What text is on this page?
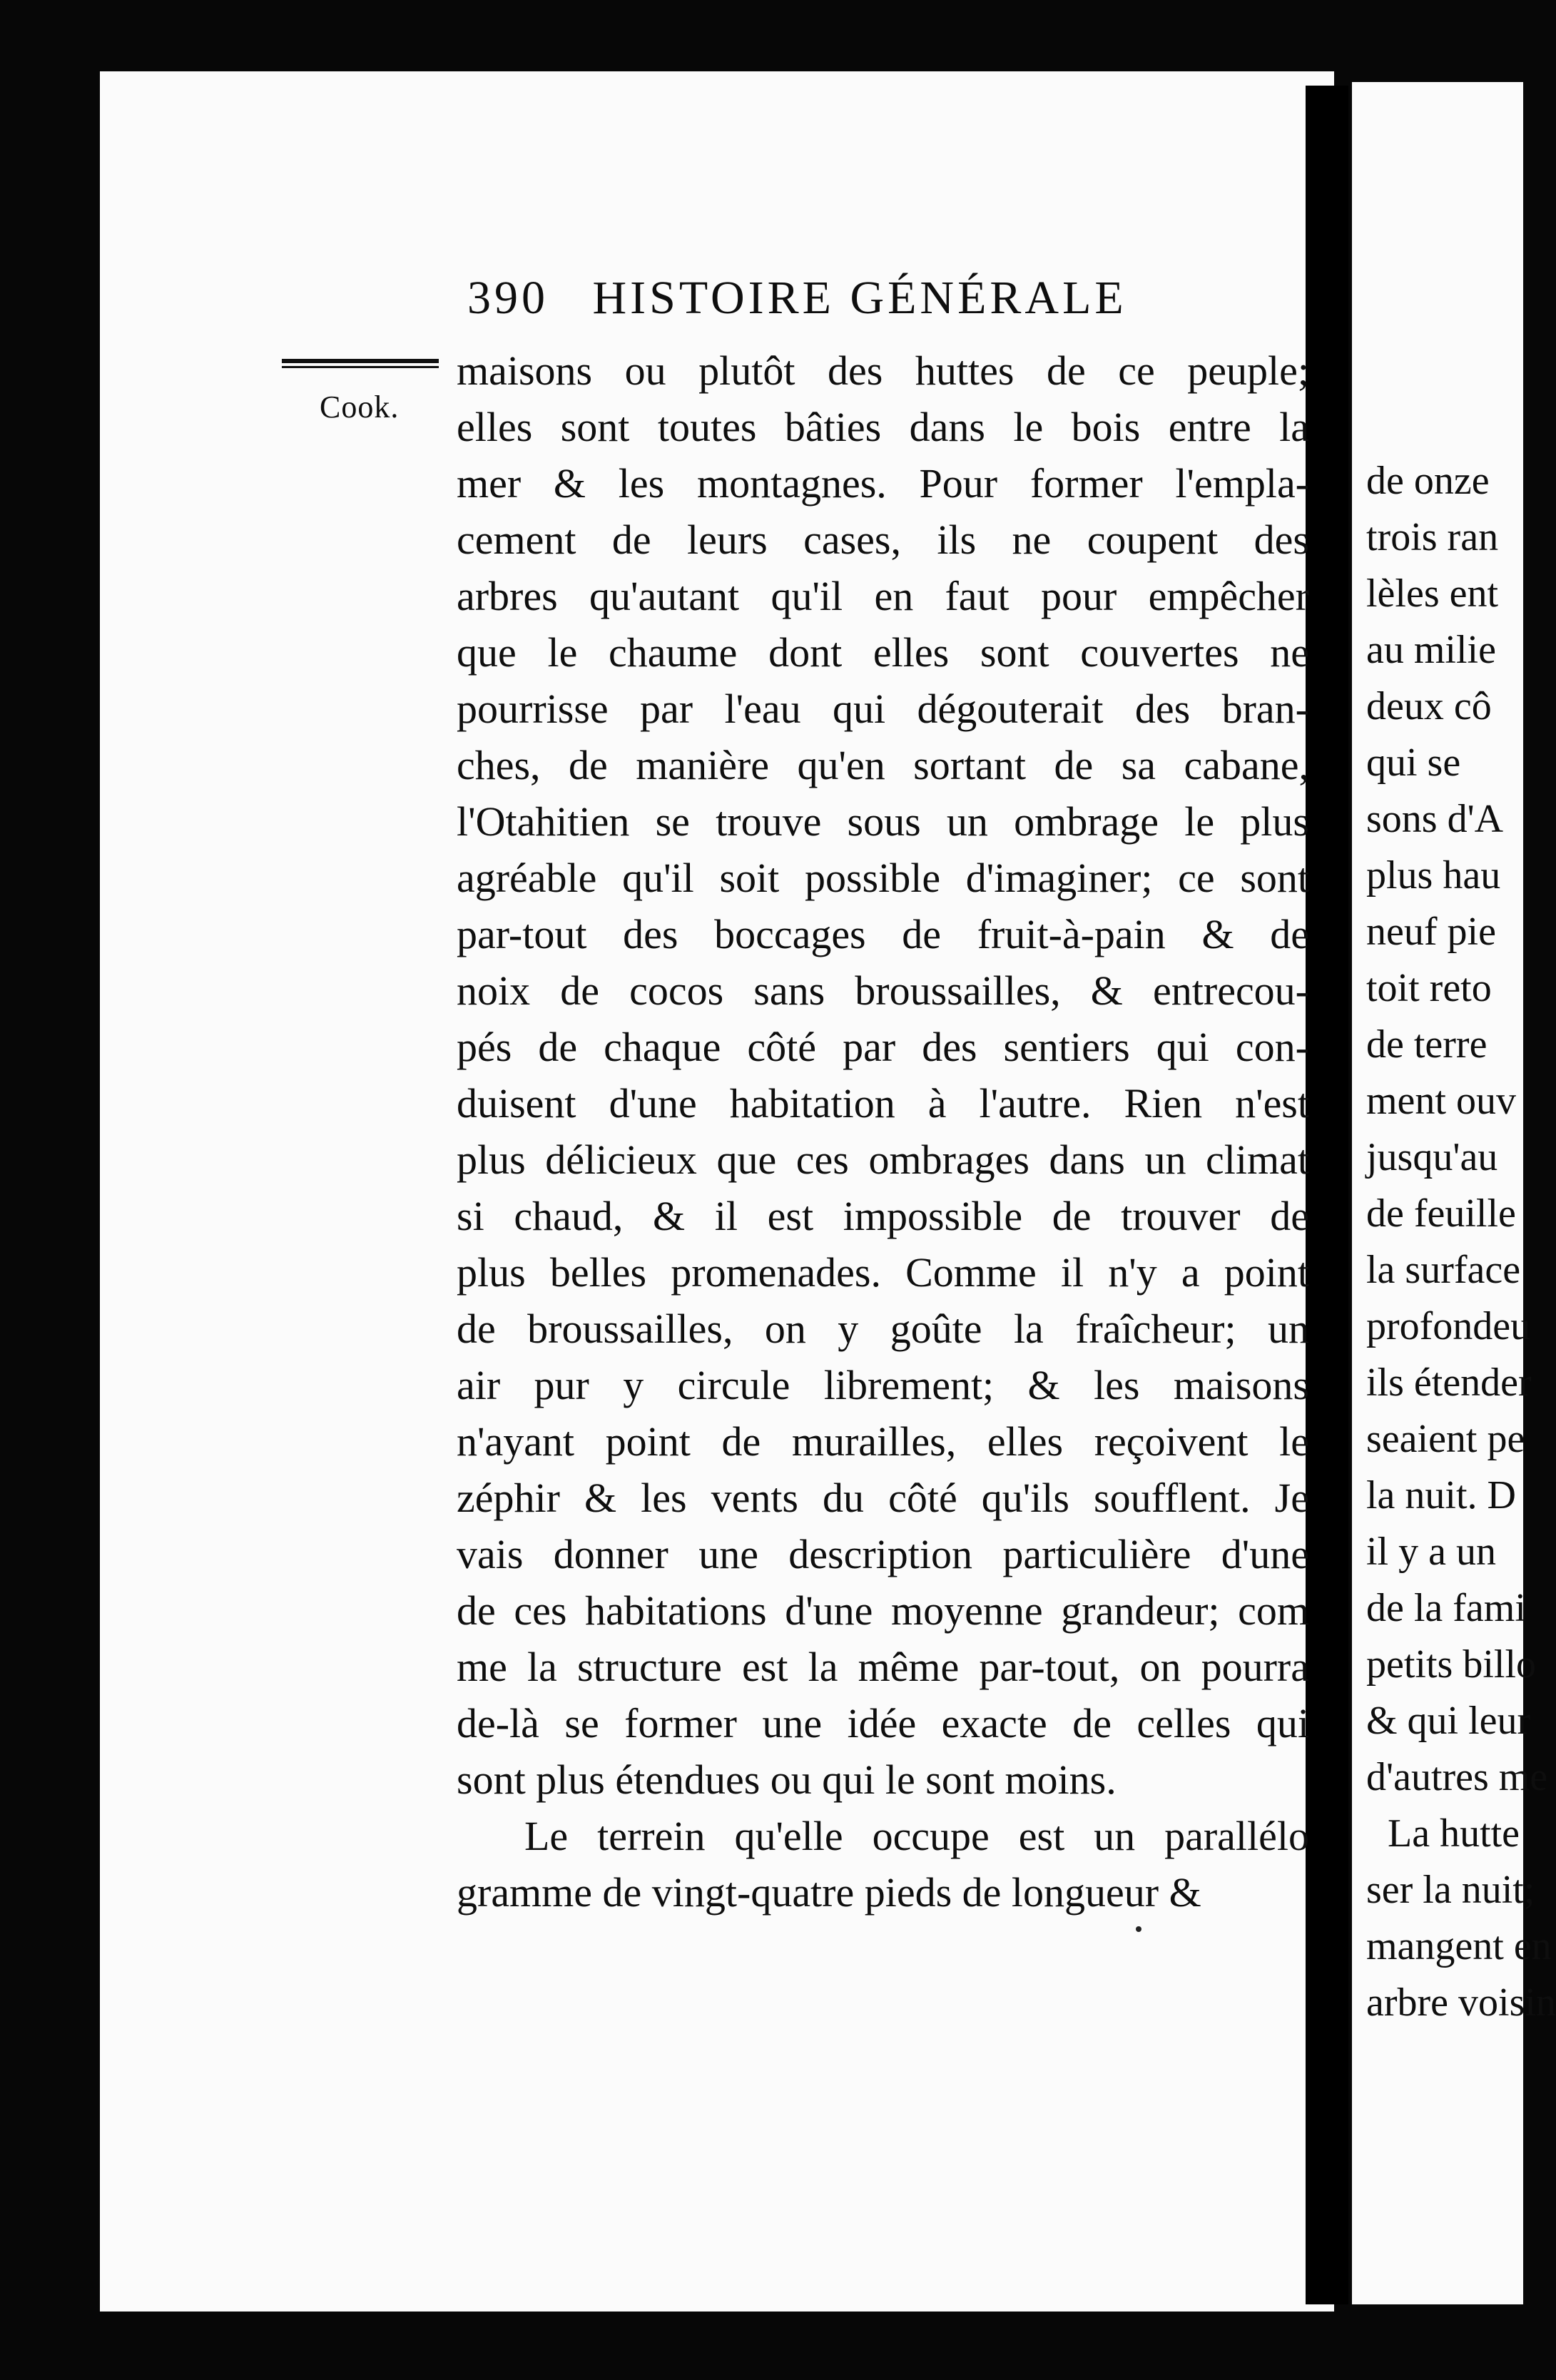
de onze
trois ran
lèles ent
au milie
deux cô
qui se
sons d'A
plus hau
neuf pie
toit reto
de terre
ment ouv
jusqu'au
de feuille
la surface
profondeu
ils étender
seaient pe
la nuit. D
il y a un
de la fami
petits billo
& qui leur
d'autres me
La hutte
ser la nuit;
mangent en
arbre voisin
390 HISTOIRE GÉNÉRALE
Cook.
maisons ou plutôt des huttes de ce peuple;
elles sont toutes bâties dans le bois entre la
mer & les montagnes. Pour former l'empla-
cement de leurs cases, ils ne coupent des
arbres qu'autant qu'il en faut pour empêcher
que le chaume dont elles sont couvertes ne
pourrisse par l'eau qui dégouterait des bran-
ches, de manière qu'en sortant de sa cabane,
l'Otahitien se trouve sous un ombrage le plus
agréable qu'il soit possible d'imaginer; ce sont
par-tout des boccages de fruit-à-pain & de
noix de cocos sans broussailles, & entrecou-
pés de chaque côté par des sentiers qui con-
duisent d'une habitation à l'autre. Rien n'est
plus délicieux que ces ombrages dans un climat
si chaud, & il est impossible de trouver de
plus belles promenades. Comme il n'y a point
de broussailles, on y goûte la fraîcheur; un
air pur y circule librement; & les maisons
n'ayant point de murailles, elles reçoivent le
zéphir & les vents du côté qu'ils soufflent. Je
vais donner une description particulière d'une
de ces habitations d'une moyenne grandeur; com
me la structure est la même par-tout, on pourra
de-là se former une idée exacte de celles qui
sont plus étendues ou qui le sont moins.
Le terrein qu'elle occupe est un parallélo
gramme de vingt-quatre pieds de longueur &
